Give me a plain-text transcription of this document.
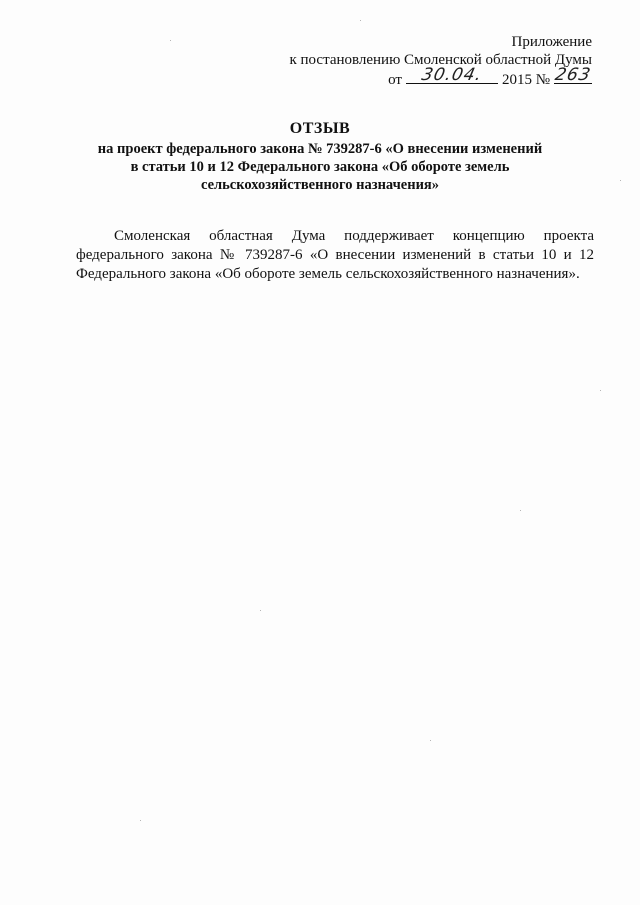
Приложение
к постановлению Смоленской областной Думы
от	30.04.	2015 № 263
ОТЗЫВ
на проект федерального закона № 739287-6 «О внесении изменений
в статьи 10 и 12 Федерального закона «Об обороте земель
сельскохозяйственного назначения»
Смоленская областная Дума поддерживает концепцию проекта федерального закона № 739287-6 «О внесении изменений в статьи 10 и 12 Федерального закона «Об обороте земель сельскохозяйственного назначения».
